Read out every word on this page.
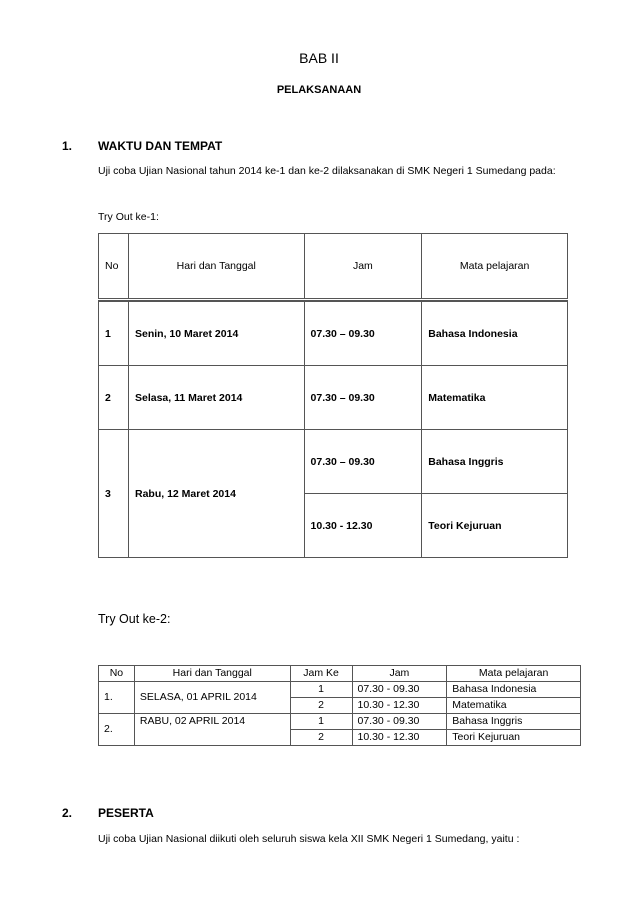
BAB II
PELAKSANAAN
1. WAKTU DAN TEMPAT
Uji coba Ujian Nasional tahun 2014 ke-1 dan ke-2 dilaksanakan di SMK Negeri 1 Sumedang pada:
Try Out ke-1:
No	Hari dan Tanggal	Jam	Mata pelajaran

1	Senin, 10 Maret 2014	07.30 – 09.30	Bahasa Indonesia
2	Selasa, 11 Maret 2014	07.30 – 09.30	Matematika
3	Rabu, 12 Maret 2014	07.30 – 09.30	Bahasa Inggris
		10.30 - 12.30	Teori Kejuruan
Try Out ke-2:
No	Hari dan Tanggal	Jam Ke	Jam	Mata pelajaran
1.	SELASA, 01 APRIL 2014	1	07.30 - 09.30	Bahasa Indonesia
		2	10.30 - 12.30	Matematika
2.	RABU, 02 APRIL 2014	1	07.30 - 09.30	Bahasa Inggris
		2	10.30 - 12.30	Teori Kejuruan
2. PESERTA
Uji coba Ujian Nasional diikuti oleh seluruh siswa kela XII SMK Negeri 1 Sumedang, yaitu :
